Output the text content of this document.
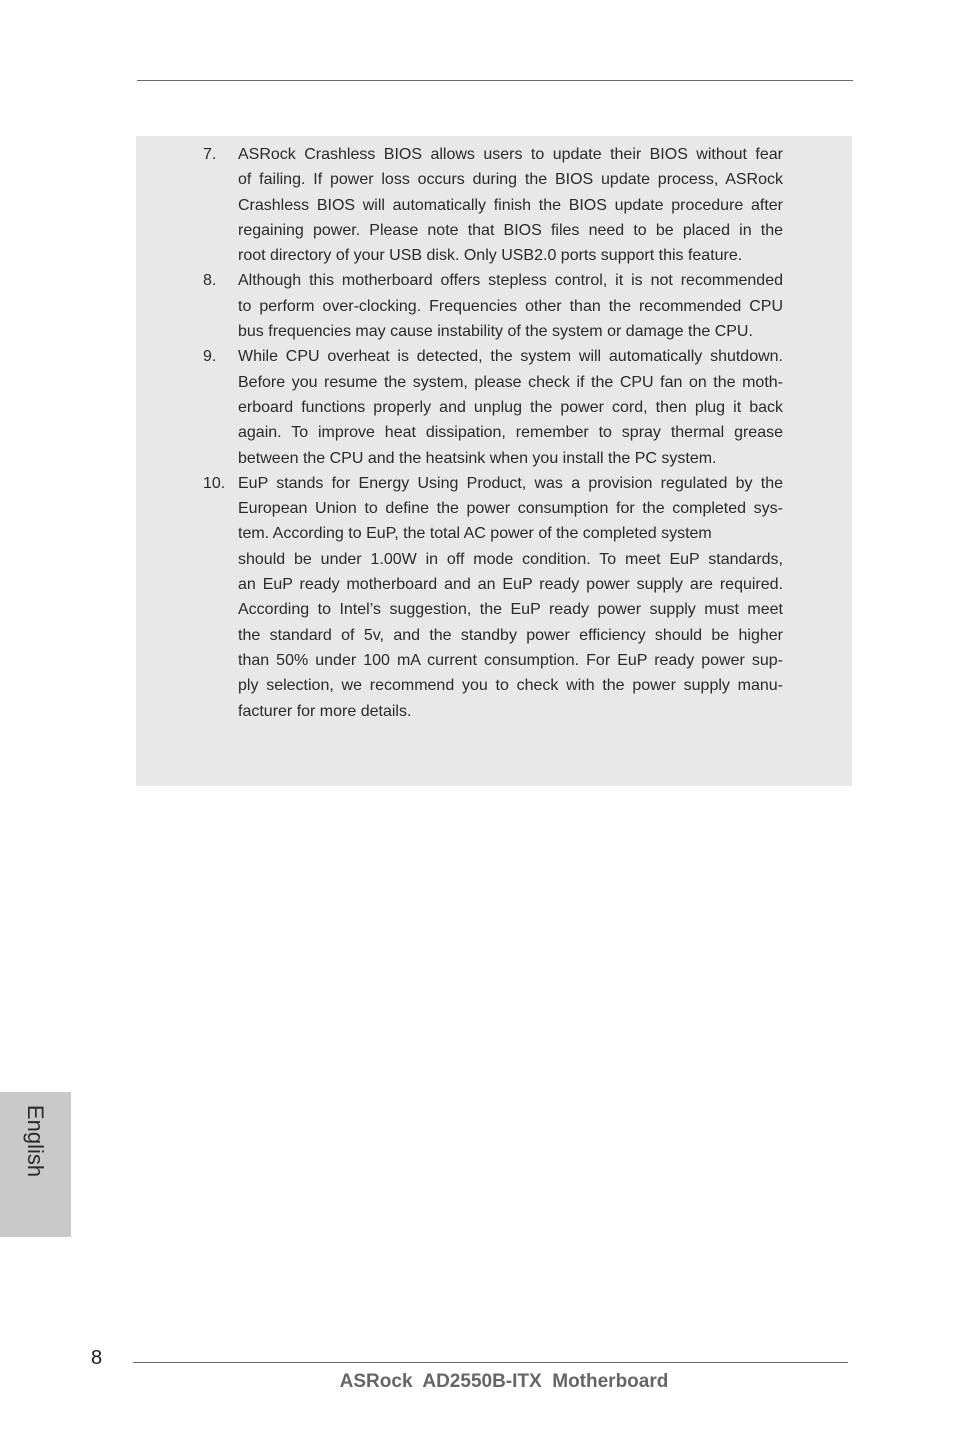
7. ASRock Crashless BIOS allows users to update their BIOS without fear
of failing. If power loss occurs during the BIOS update process, ASRock
Crashless BIOS will automatically finish the BIOS update procedure after
regaining power. Please note that BIOS files need to be placed in the
root directory of your USB disk. Only USB2.0 ports support this feature.
8. Although this motherboard offers stepless control, it is not recommended
to perform over-clocking. Frequencies other than the recommended CPU
bus frequencies may cause instability of the system or damage the CPU.
9. While CPU overheat is detected, the system will automatically shutdown.
Before you resume the system, please check if the CPU fan on the moth-
erboard functions properly and unplug the power cord, then plug it back
again. To improve heat dissipation, remember to spray thermal grease
between the CPU and the heatsink when you install the PC system.
10. EuP stands for Energy Using Product, was a provision regulated by the
European Union to define the power consumption for the completed sys-
tem. According to EuP, the total AC power of the completed system
should be under 1.00W in off mode condition. To meet EuP standards,
an EuP ready motherboard and an EuP ready power supply are required.
According to Intel’s suggestion, the EuP ready power supply must meet
the standard of 5v, and the standby power efficiency should be higher
than 50% under 100 mA current consumption. For EuP ready power sup-
ply selection, we recommend you to check with the power supply manu-
facturer for more details.
English
8
ASRock  AD2550B-ITX  Motherboard
